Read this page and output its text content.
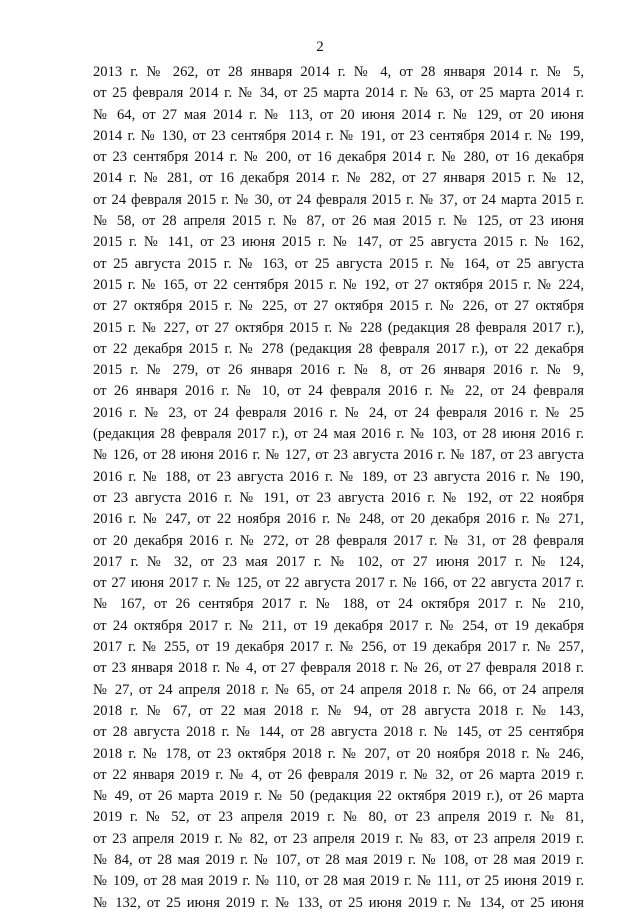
2
2013 г. № 262, от 28 января 2014 г. № 4, от 28 января 2014 г. № 5,
от 25 февраля 2014 г. № 34, от 25 марта 2014 г. № 63, от 25 марта 2014 г.
№ 64, от 27 мая 2014 г. № 113, от 20 июня 2014 г. № 129, от 20 июня
2014 г. № 130, от 23 сентября 2014 г. № 191, от 23 сентября 2014 г. № 199,
от 23 сентября 2014 г. № 200, от 16 декабря 2014 г. № 280, от 16 декабря
2014 г. № 281, от 16 декабря 2014 г. № 282, от 27 января 2015 г. № 12,
от 24 февраля 2015 г. № 30, от 24 февраля 2015 г. № 37, от 24 марта 2015 г.
№ 58, от 28 апреля 2015 г. № 87, от 26 мая 2015 г. № 125, от 23 июня
2015 г. № 141, от 23 июня 2015 г. № 147, от 25 августа 2015 г. № 162,
от 25 августа 2015 г. № 163, от 25 августа 2015 г. № 164, от 25 августа
2015 г. № 165, от 22 сентября 2015 г. № 192, от 27 октября 2015 г. № 224,
от 27 октября 2015 г. № 225, от 27 октября 2015 г. № 226, от 27 октября
2015 г. № 227, от 27 октября 2015 г. № 228 (редакция 28 февраля 2017 г.),
от 22 декабря 2015 г. № 278 (редакция 28 февраля 2017 г.), от 22 декабря
2015 г. № 279, от 26 января 2016 г. № 8, от 26 января 2016 г. № 9,
от 26 января 2016 г. № 10, от 24 февраля 2016 г. № 22, от 24 февраля
2016 г. № 23, от 24 февраля 2016 г. № 24, от 24 февраля 2016 г. № 25
(редакция 28 февраля 2017 г.), от 24 мая 2016 г. № 103, от 28 июня 2016 г.
№ 126, от 28 июня 2016 г. № 127, от 23 августа 2016 г. № 187, от 23 августа
2016 г. № 188, от 23 августа 2016 г. № 189, от 23 августа 2016 г. № 190,
от 23 августа 2016 г. № 191, от 23 августа 2016 г. № 192, от 22 ноября
2016 г. № 247, от 22 ноября 2016 г. № 248, от 20 декабря 2016 г. № 271,
от 20 декабря 2016 г. № 272, от 28 февраля 2017 г. № 31, от 28 февраля
2017 г. № 32, от 23 мая 2017 г. № 102, от 27 июня 2017 г. № 124,
от 27 июня 2017 г. № 125, от 22 августа 2017 г. № 166, от 22 августа 2017 г.
№ 167, от 26 сентября 2017 г. № 188, от 24 октября 2017 г. № 210,
от 24 октября 2017 г. № 211, от 19 декабря 2017 г. № 254, от 19 декабря
2017 г. № 255, от 19 декабря 2017 г. № 256, от 19 декабря 2017 г. № 257,
от 23 января 2018 г. № 4, от 27 февраля 2018 г. № 26, от 27 февраля 2018 г.
№ 27, от 24 апреля 2018 г. № 65, от 24 апреля 2018 г. № 66, от 24 апреля
2018 г. № 67, от 22 мая 2018 г. № 94, от 28 августа 2018 г. № 143,
от 28 августа 2018 г. № 144, от 28 августа 2018 г. № 145, от 25 сентября
2018 г. № 178, от 23 октября 2018 г. № 207, от 20 ноября 2018 г. № 246,
от 22 января 2019 г. № 4, от 26 февраля 2019 г. № 32, от 26 марта 2019 г.
№ 49, от 26 марта 2019 г. № 50 (редакция 22 октября 2019 г.), от 26 марта
2019 г. № 52, от 23 апреля 2019 г. № 80, от 23 апреля 2019 г. № 81,
от 23 апреля 2019 г. № 82, от 23 апреля 2019 г. № 83, от 23 апреля 2019 г.
№ 84, от 28 мая 2019 г. № 107, от 28 мая 2019 г. № 108, от 28 мая 2019 г.
№ 109, от 28 мая 2019 г. № 110, от 28 мая 2019 г. № 111, от 25 июня 2019 г.
№ 132, от 25 июня 2019 г. № 133, от 25 июня 2019 г. № 134, от 25 июня
